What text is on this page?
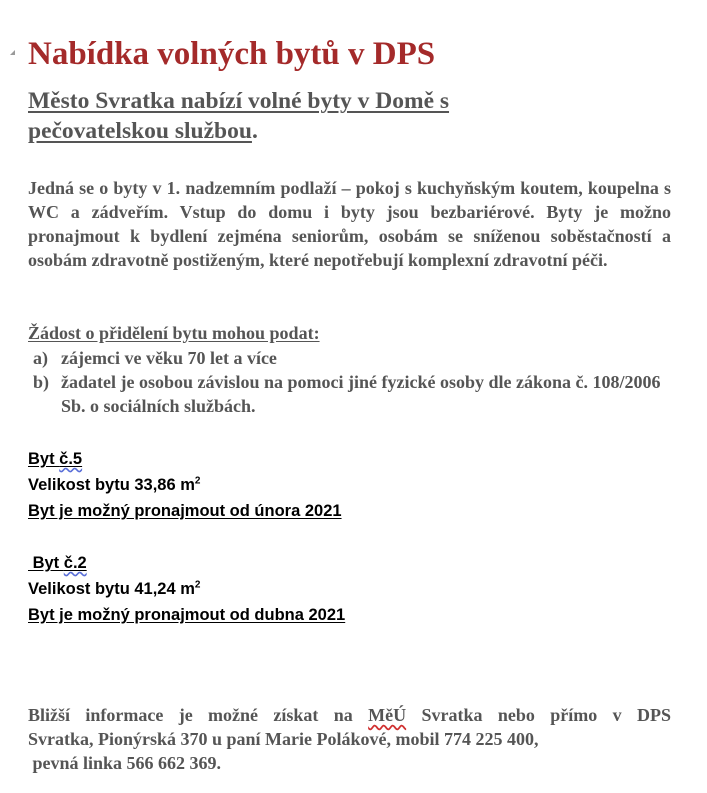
Nabídka volných bytů v DPS
Město Svratka nabízí volné byty v Domě s
pečovatelskou službou.

Jedná se o byty v 1. nadzemním podlaží – pokoj s kuchyňským koutem, koupelna s WC a zádveřím. Vstup do domu i byty jsou bezbariérové. Byty je možno pronajmout k bydlení zejména seniorům, osobám se sníženou soběstačností a osobám zdravotně postiženým, které nepotřebují komplexní zdravotní péči.

Žádost o přidělení bytu mohou podat:
a) zájemci ve věku 70 let a více
b) žadatel je osobou závislou na pomoci jiné fyzické osoby dle zákona č. 108/2006 Sb. o sociálních službách.
Byt č.5
Velikost bytu 33,86 $m^2$
Byt je možný pronajmout od února 2021
Byt č.2
Velikost bytu 41,24 $m^2$
Byt je možný pronajmout od dubna 2021

Bližší informace je možné získat na MěÚ Svratka nebo přímo v DPS
Svratka, Pionýrská 370 u paní Marie Polákové, mobil 774 225 400,
pevná linka 566 662 369.
